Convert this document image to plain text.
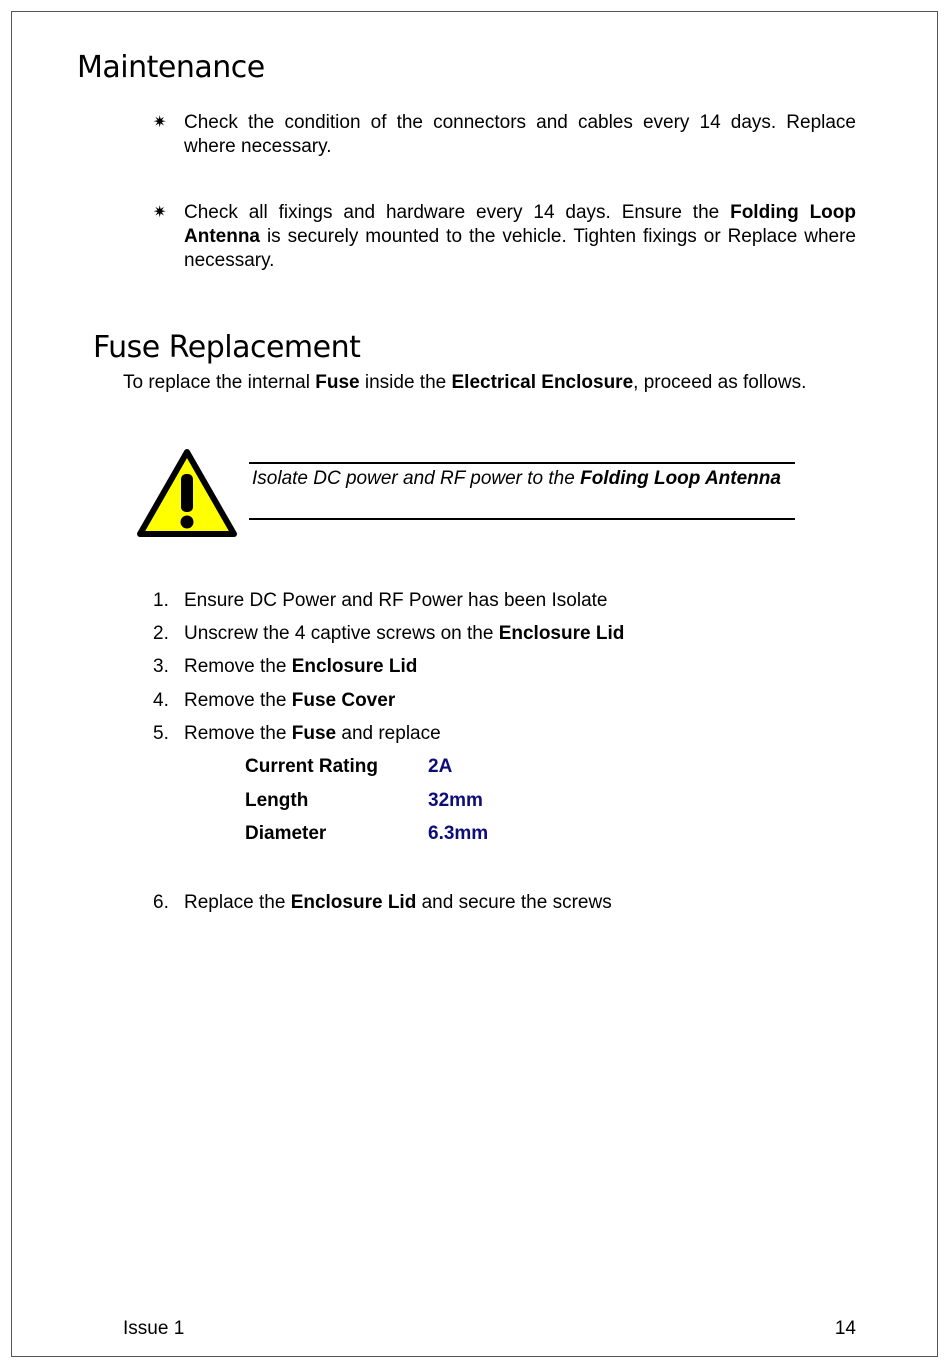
Maintenance
✷ Check the condition of the connectors and cables every 14 days. Replace where necessary.
✷ Check all fixings and hardware every 14 days. Ensure the Folding Loop Antenna is securely mounted to the vehicle. Tighten fixings or Replace where necessary.
Fuse Replacement
To replace the internal Fuse inside the Electrical Enclosure, proceed as follows.
Isolate DC power and RF power to the Folding Loop Antenna
1. Ensure DC Power and RF Power has been Isolate
2. Unscrew the 4 captive screws on the Enclosure Lid
3. Remove the Enclosure Lid
4. Remove the Fuse Cover
5. Remove the Fuse and replace
Current Rating	2A
Length	32mm
Diameter	6.3mm
6. Replace the Enclosure Lid and secure the screws
Issue 1	14
